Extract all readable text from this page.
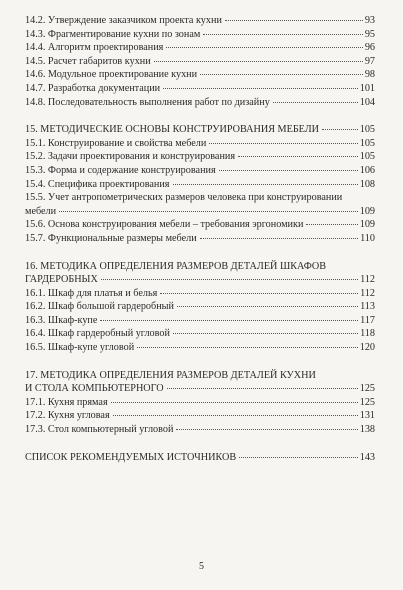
14.2. Утверждение заказчиком проекта кухни	93
14.3. Фрагментирование кухни по зонам	95
14.4. Алгоритм проектирования	96
14.5. Расчет габаритов кухни	97
14.6. Модульное проектирование кухни	98
14.7. Разработка документации	101
14.8. Последовательность выполнения работ по дизайну	104
15. МЕТОДИЧЕСКИЕ ОСНОВЫ КОНСТРУИРОВАНИЯ МЕБЕЛИ	105
15.1. Конструирование и свойства мебели	105
15.2. Задачи проектирования и конструирования	105
15.3. Форма и содержание конструирования	106
15.4. Специфика проектирования	108
15.5. Учет антропометрических размеров человека при конструировании
мебели	109
15.6. Основа конструирования мебели – требования эргономики	109
15.7. Функциональные размеры мебели	110
16. МЕТОДИКА ОПРЕДЕЛЕНИЯ РАЗМЕРОВ ДЕТАЛЕЙ ШКАФОВ
ГАРДЕРОБНЫХ	112
16.1. Шкаф для платья и белья	112
16.2. Шкаф большой гардеробный	113
16.3. Шкаф-купе	117
16.4. Шкаф гардеробный угловой	118
16.5. Шкаф-купе угловой	120
17. МЕТОДИКА ОПРЕДЕЛЕНИЯ РАЗМЕРОВ ДЕТАЛЕЙ КУХНИ
И СТОЛА КОМПЬЮТЕРНОГО	125
17.1. Кухня прямая	125
17.2. Кухня угловая	131
17.3. Стол компьютерный угловой	138
СПИСОК РЕКОМЕНДУЕМЫХ ИСТОЧНИКОВ	143
5
